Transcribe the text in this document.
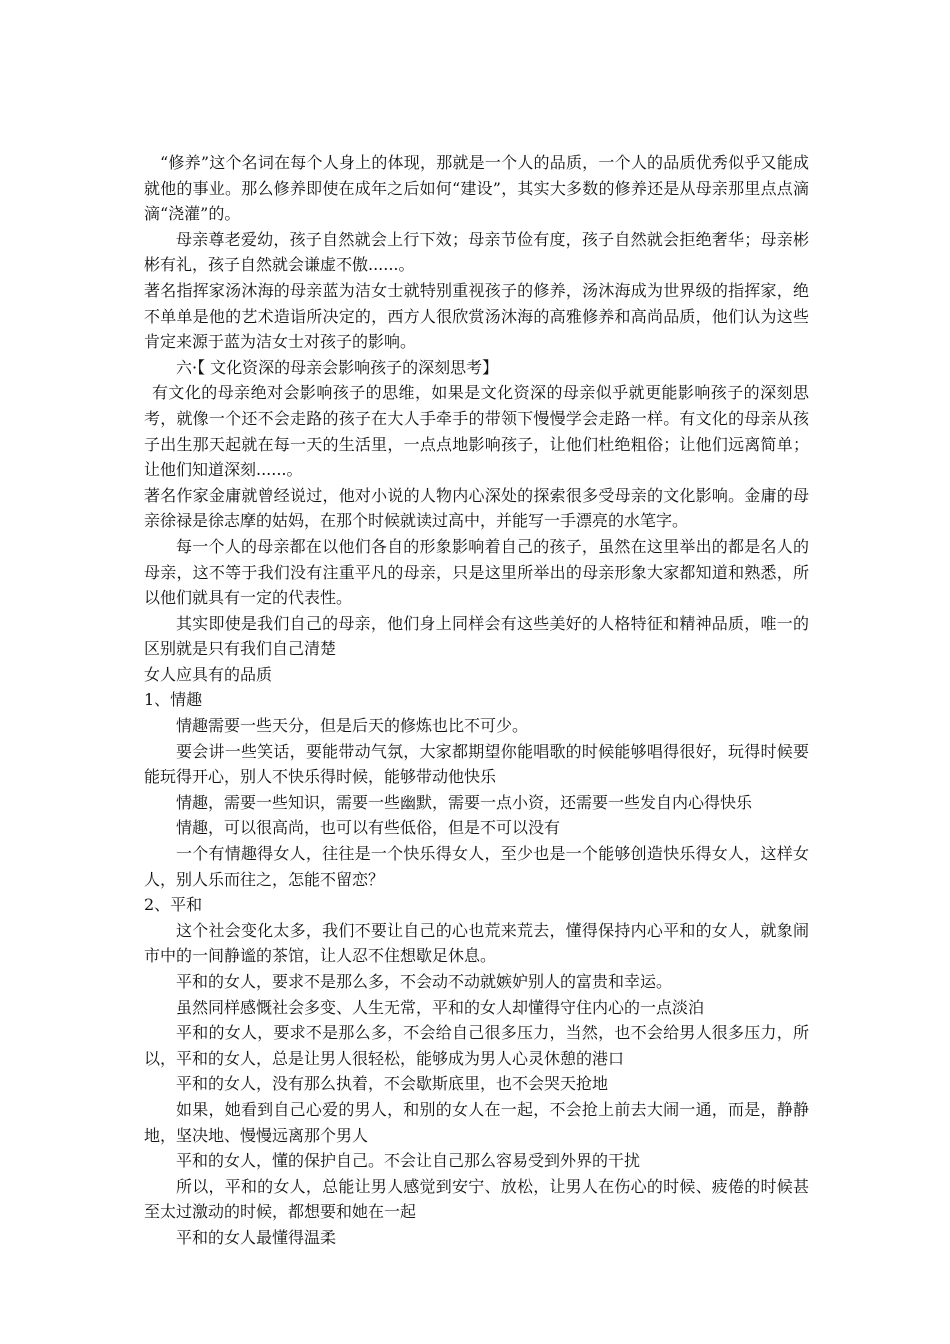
“修养”这个名词在每个人身上的体现，那就是一个人的品质，一个人的品质优秀似乎又能成就他的事业。那么修养即使在成年之后如何“建设”，其实大多数的修养还是从母亲那里点点滴滴“浇灌”的。

母亲尊老爱幼，孩子自然就会上行下效；母亲节俭有度，孩子自然就会拒绝奢华；母亲彬彬有礼，孩子自然就会谦虚不傲......。

著名指挥家汤沐海的母亲蓝为洁女士就特别重视孩子的修养，汤沐海成为世界级的指挥家，绝不单单是他的艺术造诣所决定的，西方人很欣赏汤沐海的高雅修养和高尚品质，他们认为这些肯定来源于蓝为洁女士对孩子的影响。

六·【 文化资深的母亲会影响孩子的深刻思考】

有文化的母亲绝对会影响孩子的思维，如果是文化资深的母亲似乎就更能影响孩子的深刻思考，就像一个还不会走路的孩子在大人手牵手的带领下慢慢学会走路一样。有文化的母亲从孩子出生那天起就在每一天的生活里，一点点地影响孩子，让他们杜绝粗俗；让他们远离简单；让他们知道深刻......。

著名作家金庸就曾经说过，他对小说的人物内心深处的探索很多受母亲的文化影响。金庸的母亲徐禄是徐志摩的姑妈，在那个时候就读过高中，并能写一手漂亮的水笔字。

每一个人的母亲都在以他们各自的形象影响着自己的孩子，虽然在这里举出的都是名人的母亲，这不等于我们没有注重平凡的母亲，只是这里所举出的母亲形象大家都知道和熟悉，所以他们就具有一定的代表性。

其实即使是我们自己的母亲，他们身上同样会有这些美好的人格特征和精神品质，唯一的区别就是只有我们自己清楚

女人应具有的品质

1、情趣

情趣需要一些天分，但是后天的修炼也比不可少。

要会讲一些笑话，要能带动气氛，大家都期望你能唱歌的时候能够唱得很好，玩得时候要能玩得开心，别人不快乐得时候，能够带动他快乐

情趣，需要一些知识，需要一些幽默，需要一点小资，还需要一些发自内心得快乐

情趣，可以很高尚，也可以有些低俗，但是不可以没有

一个有情趣得女人，往往是一个快乐得女人，至少也是一个能够创造快乐得女人，这样女人，别人乐而往之，怎能不留恋？

2、平和

这个社会变化太多，我们不要让自己的心也荒来荒去，懂得保持内心平和的女人，就象闹市中的一间静谧的茶馆，让人忍不住想歇足休息。

平和的女人，要求不是那么多，不会动不动就嫉妒别人的富贵和幸运。

虽然同样感慨社会多变、人生无常，平和的女人却懂得守住内心的一点淡泊

平和的女人，要求不是那么多，不会给自己很多压力，当然，也不会给男人很多压力，所以，平和的女人，总是让男人很轻松，能够成为男人心灵休憩的港口

平和的女人，没有那么执着，不会歇斯底里，也不会哭天抢地

如果，她看到自己心爱的男人，和别的女人在一起，不会抢上前去大闹一通，而是，静静地，坚决地、慢慢远离那个男人

平和的女人，懂的保护自己。不会让自己那么容易受到外界的干扰

所以，平和的女人，总能让男人感觉到安宁、放松，让男人在伤心的时候、疲倦的时候甚至太过激动的时候，都想要和她在一起

平和的女人最懂得温柔
